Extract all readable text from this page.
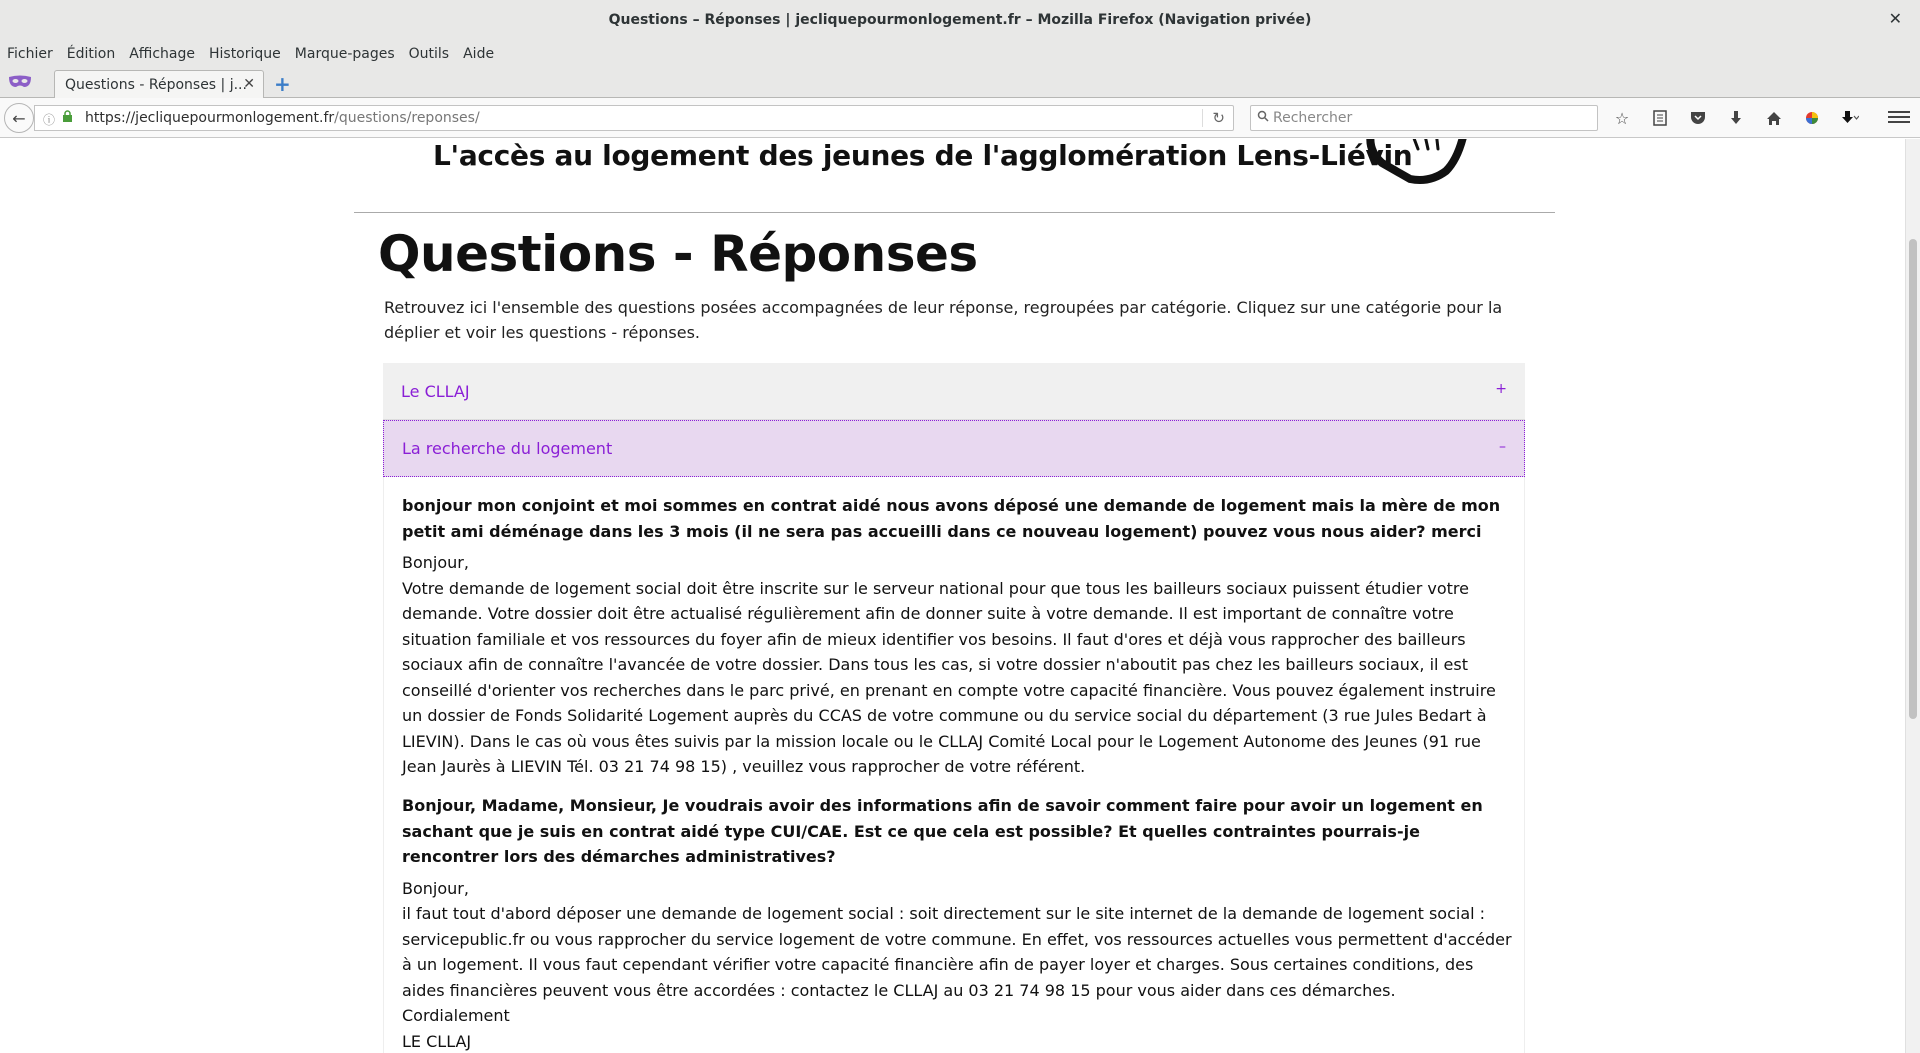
Questions – Réponses | jecliquepourmonlogement.fr – Mozilla Firefox (Navigation privée)	✕
Fichier Édition Affichage Historique Marque-pages Outils Aide
Questions - Réponses | j...
✕ +
← ⓘ https://jecliquepourmonlogement.fr /questions/reponses/	↻	Rechercher	☆
L'accès au logement des jeunes de l'agglomération Lens-Liévin
Questions - Réponses

Retrouvez ici l'ensemble des questions posées accompagnées de leur réponse, regroupées par catégorie. Cliquez sur une catégorie pour la déplier et voir les questions - réponses.

Le CLLAJ	+
La recherche du logement	–

bonjour mon conjoint et moi sommes en contrat aidé nous avons déposé une demande de logement mais la mère de mon petit ami déménage dans les 3 mois (il ne sera pas accueilli dans ce nouveau logement) pouvez vous nous aider? merci

Bonjour,

Votre demande de logement social doit être inscrite sur le serveur national pour que tous les bailleurs sociaux puissent étudier votre demande. Votre dossier doit être actualisé régulièrement afin de donner suite à votre demande. Il est important de connaître votre situation familiale et vos ressources du foyer afin de mieux identifier vos besoins. Il faut d'ores et déjà vous rapprocher des bailleurs sociaux afin de connaître l'avancée de votre dossier. Dans tous les cas, si votre dossier n'aboutit pas chez les bailleurs sociaux, il est conseillé d'orienter vos recherches dans le parc privé, en prenant en compte votre capacité financière. Vous pouvez également instruire un dossier de Fonds Solidarité Logement auprès du CCAS de votre commune ou du service social du département (3 rue Jules Bedart à LIEVIN). Dans le cas où vous êtes suivis par la mission locale ou le CLLAJ Comité Local pour le Logement Autonome des Jeunes (91 rue Jean Jaurès à LIEVIN Tél. 03 21 74 98 15) , veuillez vous rapprocher de votre référent.

Bonjour, Madame, Monsieur, Je voudrais avoir des informations afin de savoir comment faire pour avoir un logement en sachant que je suis en contrat aidé type CUI/CAE. Est ce que cela est possible? Et quelles contraintes pourrais-je rencontrer lors des démarches administratives?

Bonjour,

il faut tout d'abord déposer une demande de logement social : soit directement sur le site internet de la demande de logement social : servicepublic.fr ou vous rapprocher du service logement de votre commune. En effet, vos ressources actuelles vous permettent d'accéder à un logement. Il vous faut cependant vérifier votre capacité financière afin de payer loyer et charges. Sous certaines conditions, des aides financières peuvent vous être accordées : contactez le CLLAJ au 03 21 74 98 15 pour vous aider dans ces démarches.

Cordialement

LE CLLAJ
